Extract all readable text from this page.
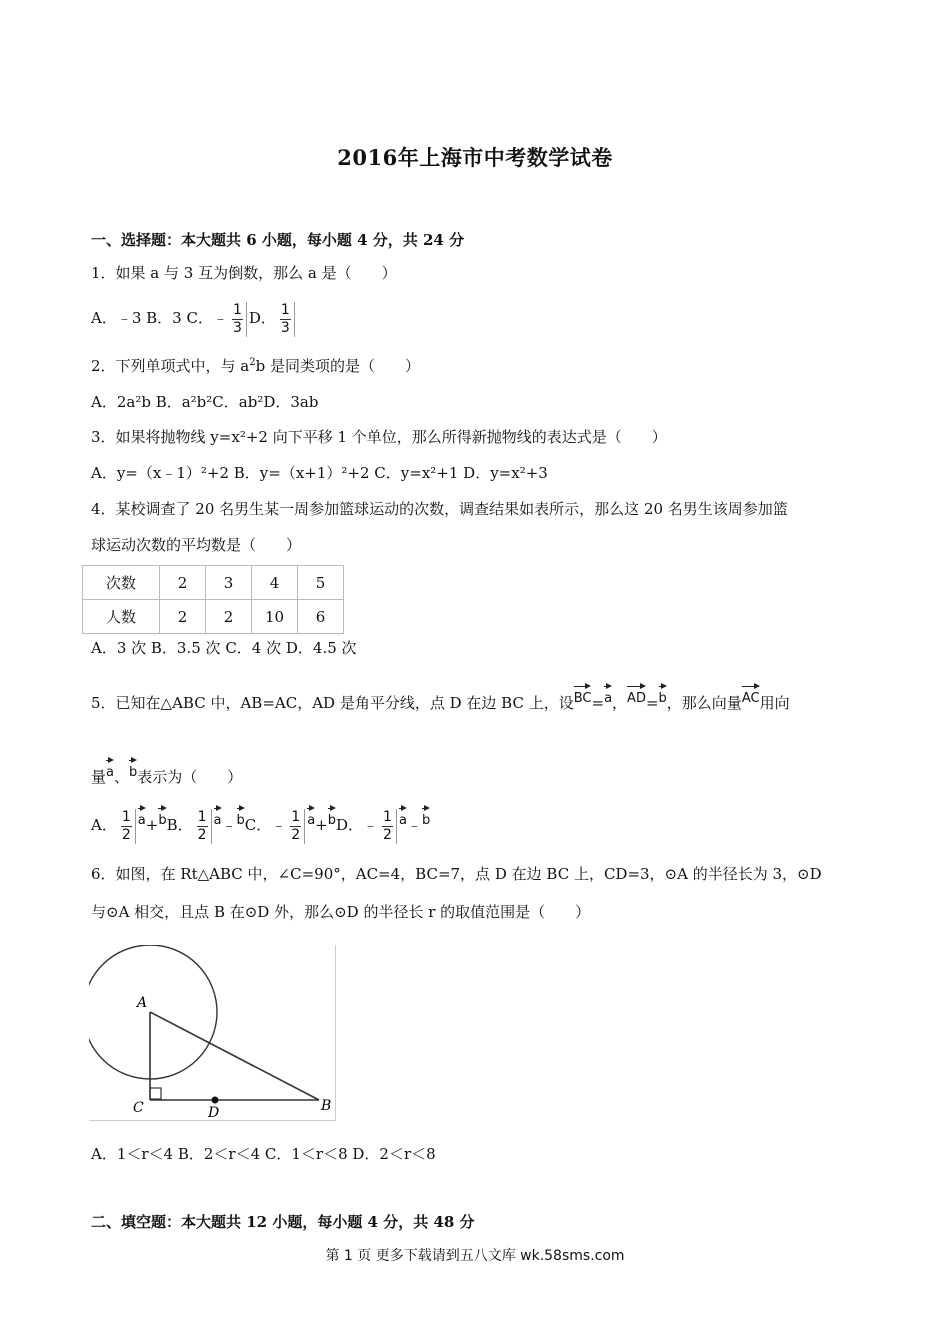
2016年上海市中考数学试卷
一、选择题：本大题共 6 小题，每小题 4 分，共 24 分
1．如果 a 与 3 互为倒数，那么 a 是（　　）
A．﹣3 B．3 C．﹣ $\frac{1}{3}$ D． $\frac{1}{3}$
2．下列单项式中，与 $a^2b$ 是同类项的是（　　）
A．2a²b B．a²b²C．ab²D．3ab
3．如果将抛物线 y=x²+2 向下平移 1 个单位，那么所得新抛物线的表达式是（　　）
A．y=（x﹣1）²+2 B．y=（x+1）²+2 C．y=x²+1 D．y=x²+3
4．某校调查了 20 名男生某一周参加篮球运动的次数，调查结果如表所示，那么这 20 名男生该周参加篮
球运动次数的平均数是（　　）
次数	2	3	4	5
人数	2	2	10	6
A．3 次 B．3.5 次 C．4 次 D．4.5 次
5．已知在△ABC 中，AB=AC，AD 是角平分线，点 D 在边 BC 上，设BC=a，AD=b，那么向量AC用向
量a、b表示为（　　）
A． $\frac{1}{2} a+bB$． $\frac{1}{2}$ a﹣bC．﹣ $\frac{1}{2} a+bD$．﹣ $\frac{1}{2}$ a﹣b
6．如图，在 Rt△ABC 中，∠C=90°，AC=4，BC=7，点 D 在边 BC 上，CD=3，⊙A 的半径长为 3，⊙D
与⊙A 相交，且点 B 在⊙D 外，那么⊙D 的半径长 r 的取值范围是（　　）
A
C	D	B
A．1＜r＜4 B．2＜r＜4 C．1＜r＜8 D．2＜r＜8
二、填空题：本大题共 12 小题，每小题 4 分，共 48 分
第 1 页 更多下载请到五八文库 wk.58sms.com
